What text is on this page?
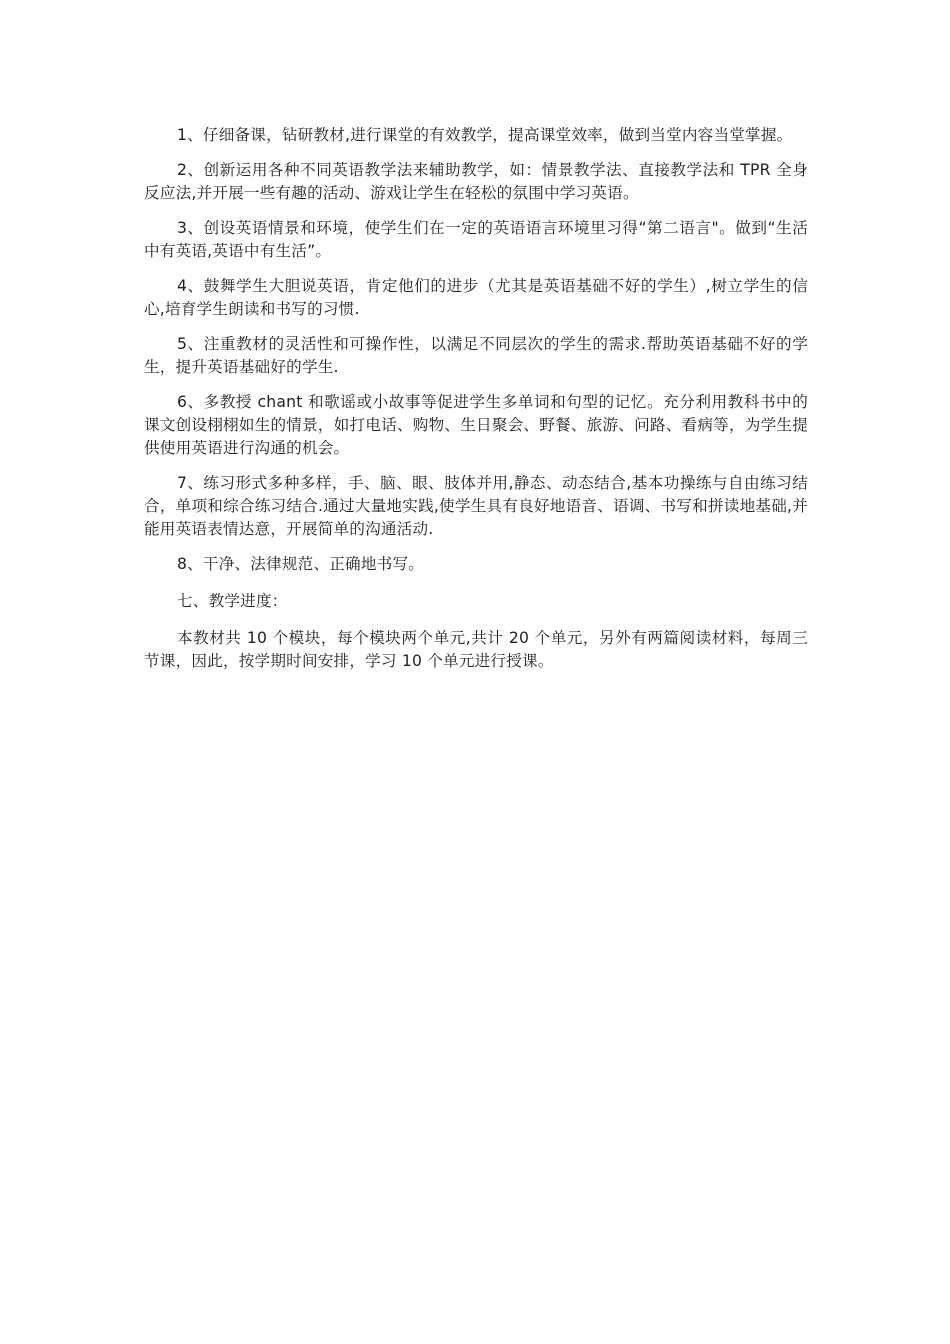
1、仔细备课，钻研教材,进行课堂的有效教学，提高课堂效率，做到当堂内容当堂掌握。

2、创新运用各种不同英语教学法来辅助教学，如：情景教学法、直接教学法和 TPR 全身反应法,并开展一些有趣的活动、游戏让学生在轻松的氛围中学习英语。

3、创设英语情景和环境，使学生们在一定的英语语言环境里习得“第二语言"。做到“生活中有英语,英语中有生活”。

4、鼓舞学生大胆说英语，肯定他们的进步（尤其是英语基础不好的学生）,树立学生的信心,培育学生朗读和书写的习惯.

5、注重教材的灵活性和可操作性，以满足不同层次的学生的需求.帮助英语基础不好的学生，提升英语基础好的学生.

6、多教授 chant 和歌谣或小故事等促进学生多单词和句型的记忆。充分利用教科书中的课文创设栩栩如生的情景，如打电话、购物、生日聚会、野餐、旅游、问路、看病等，为学生提供使用英语进行沟通的机会。

7、练习形式多种多样，手、脑、眼、肢体并用,静态、动态结合,基本功操练与自由练习结合，单项和综合练习结合.通过大量地实践,使学生具有良好地语音、语调、书写和拼读地基础,并能用英语表情达意，开展简单的沟通活动.

8、干净、法律规范、正确地书写。

七、教学进度：

本教材共 10 个模块，每个模块两个单元,共计 20 个单元，另外有两篇阅读材料，每周三节课，因此，按学期时间安排，学习 10 个单元进行授课。
